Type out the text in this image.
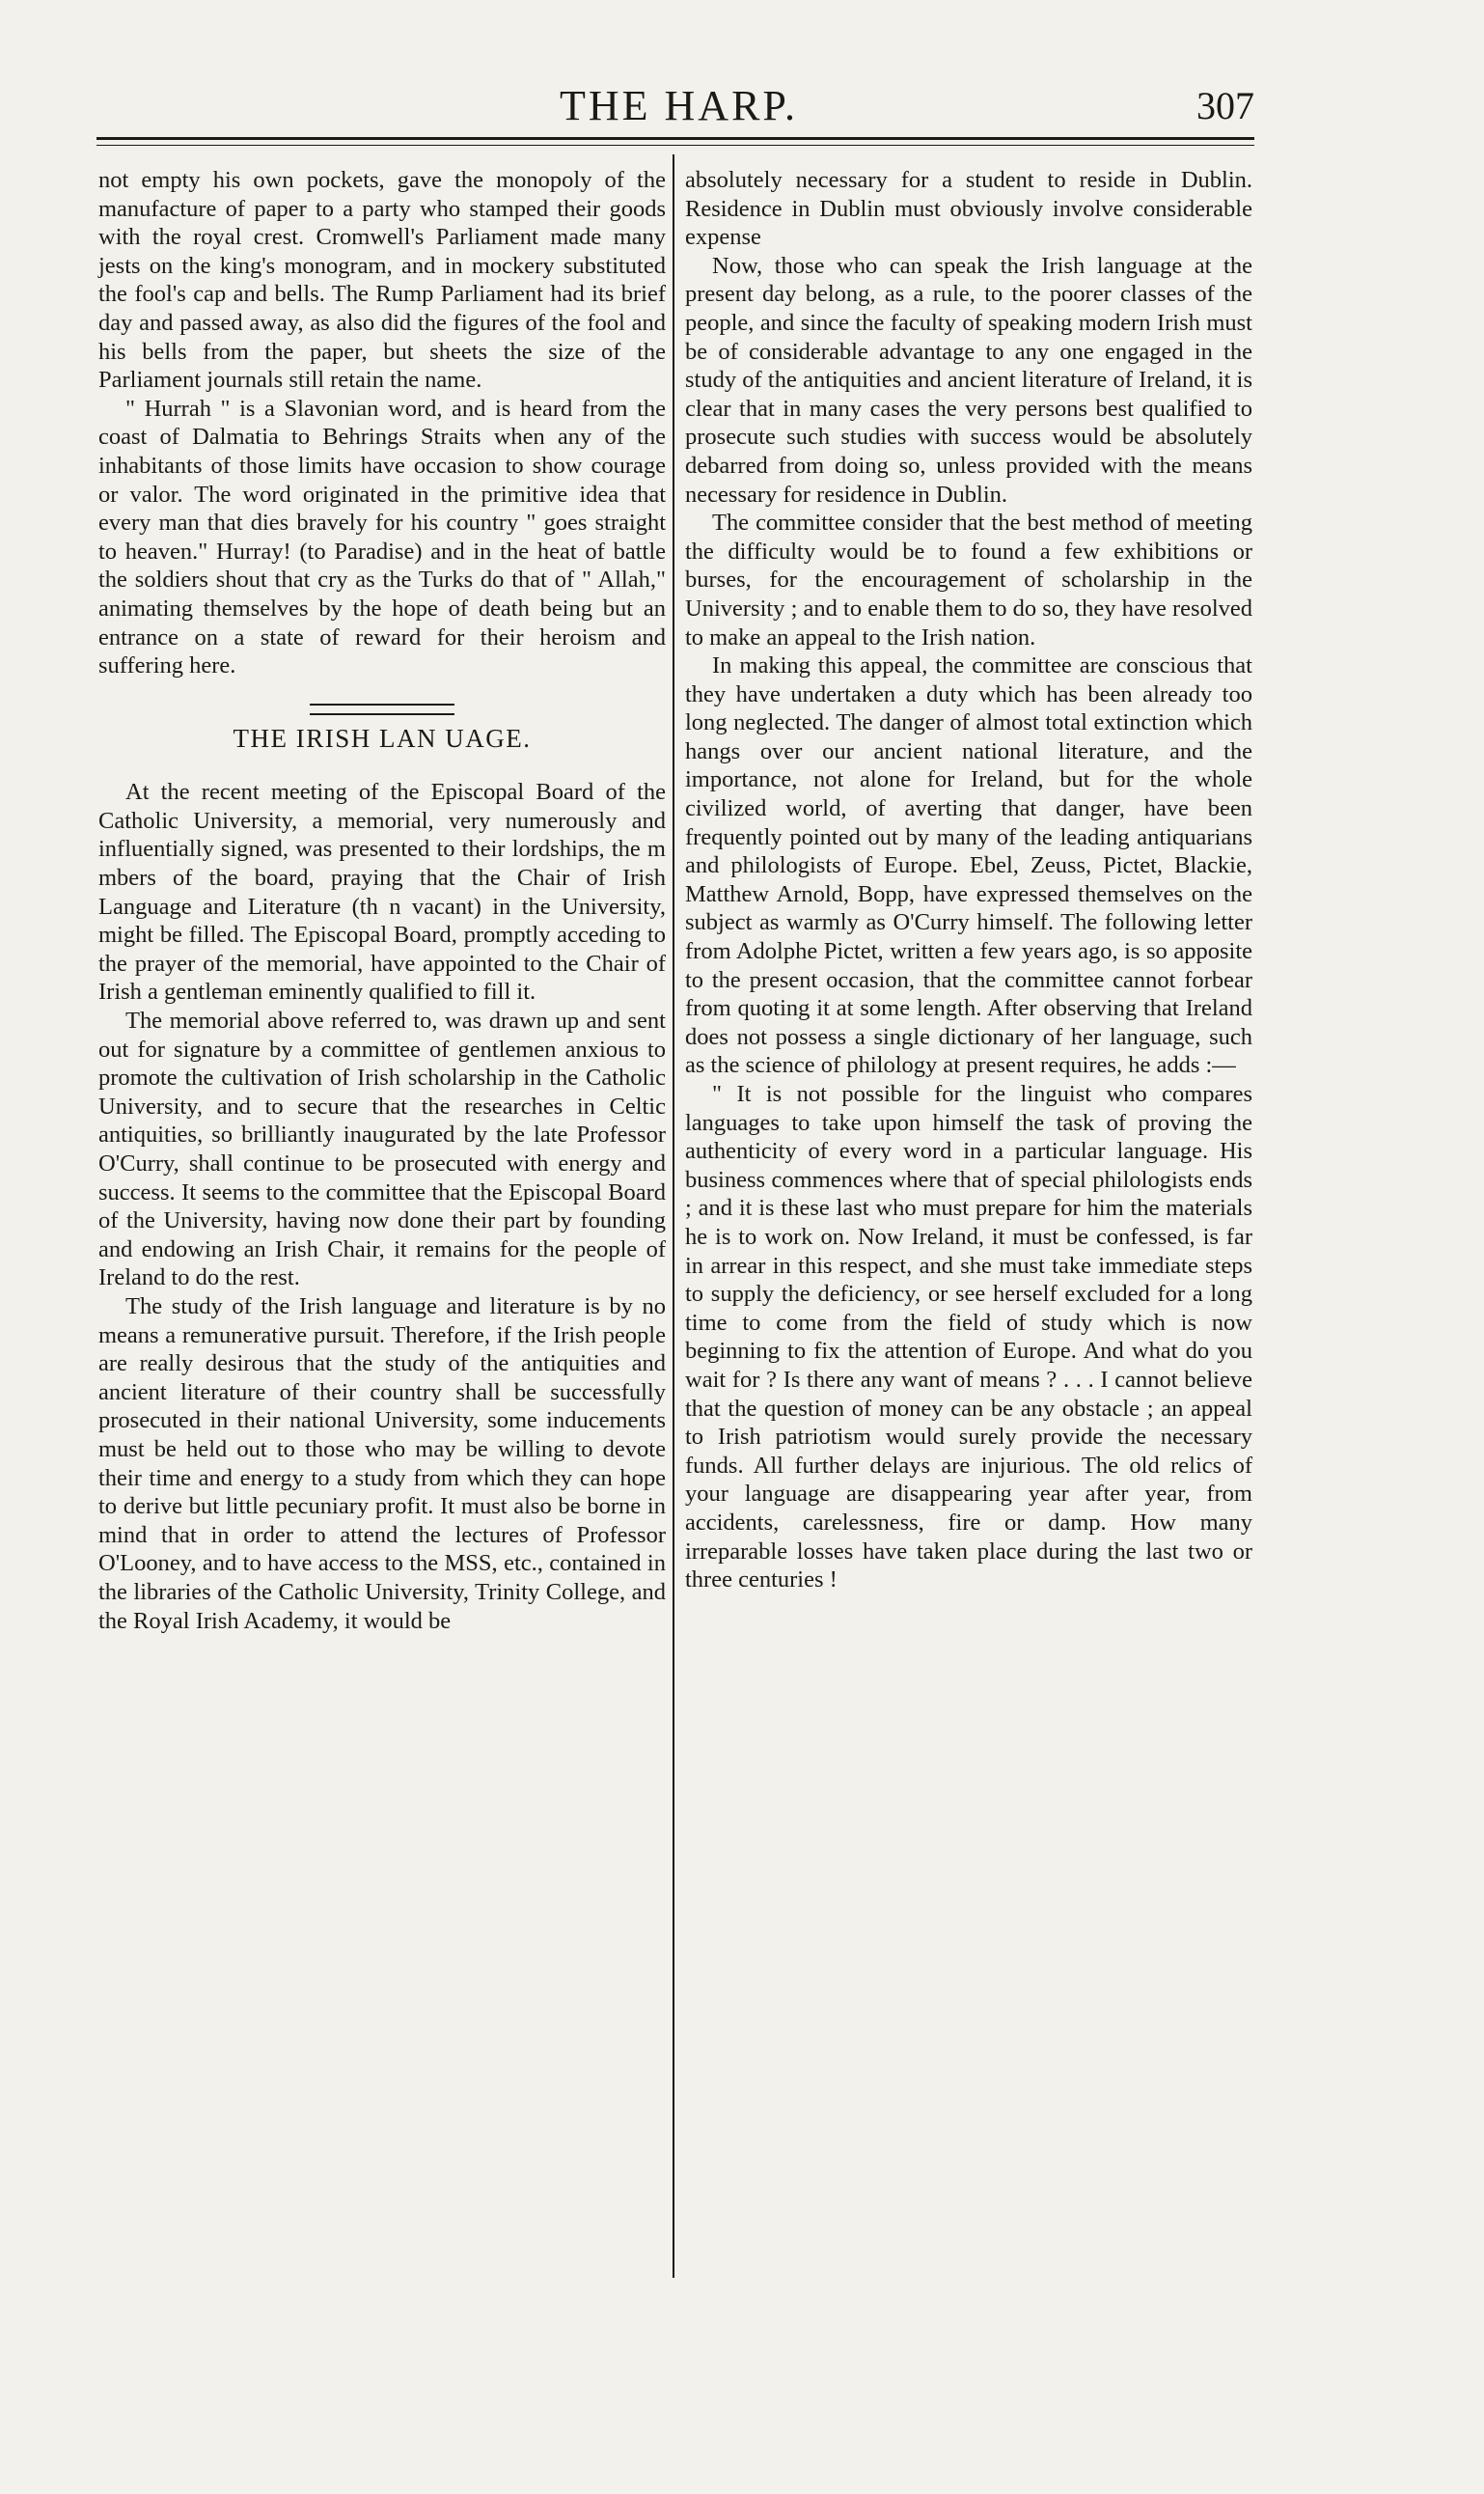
THE HARP.	307

not empty his own pockets, gave the monopoly of the manufacture of paper to a party who stamped their goods with the royal crest. Cromwell's Parliament made many jests on the king's monogram, and in mockery substituted the fool's cap and bells. The Rump Parliament had its brief day and passed away, as also did the figures of the fool and his bells from the paper, but sheets the size of the Parliament journals still retain the name.

" Hurrah " is a Slavonian word, and is heard from the coast of Dalmatia to Behrings Straits when any of the inhabitants of those limits have occasion to show courage or valor. The word originated in the primitive idea that every man that dies bravely for his country " goes straight to heaven." Hurray! (to Paradise) and in the heat of battle the soldiers shout that cry as the Turks do that of " Allah," animating themselves by the hope of death being but an entrance on a state of reward for their heroism and suffering here.

THE IRISH LAN UAGE.

At the recent meeting of the Episcopal Board of the Catholic University, a memorial, very numerously and influentially signed, was presented to their lordships, the m mbers of the board, praying that the Chair of Irish Language and Literature (th n vacant) in the University, might be filled. The Episcopal Board, promptly acceding to the prayer of the memorial, have appointed to the Chair of Irish a gentleman eminently qualified to fill it.

The memorial above referred to, was drawn up and sent out for signature by a committee of gentlemen anxious to promote the cultivation of Irish scholarship in the Catholic University, and to secure that the researches in Celtic antiquities, so brilliantly inaugurated by the late Professor O'Curry, shall continue to be prosecuted with energy and success. It seems to the committee that the Episcopal Board of the University, having now done their part by founding and endowing an Irish Chair, it remains for the people of Ireland to do the rest.

The study of the Irish language and literature is by no means a remunerative pursuit. Therefore, if the Irish people are really desirous that the study of the antiquities and ancient literature of their country shall be successfully prosecuted in their national University, some inducements must be held out to those who may be willing to devote their time and energy to a study from which they can hope to derive but little pecuniary profit. It must also be borne in mind that in order to attend the lectures of Professor O'Looney, and to have access to the MSS, etc., contained in the libraries of the Catholic University, Trinity College, and the Royal Irish Academy, it would be

absolutely necessary for a student to reside in Dublin. Residence in Dublin must obviously involve considerable expense

Now, those who can speak the Irish language at the present day belong, as a rule, to the poorer classes of the people, and since the faculty of speaking modern Irish must be of considerable advantage to any one engaged in the study of the antiquities and ancient literature of Ireland, it is clear that in many cases the very persons best qualified to prosecute such studies with success would be absolutely debarred from doing so, unless provided with the means necessary for residence in Dublin.

The committee consider that the best method of meeting the difficulty would be to found a few exhibitions or burses, for the encouragement of scholarship in the University ; and to enable them to do so, they have resolved to make an appeal to the Irish nation.

In making this appeal, the committee are conscious that they have undertaken a duty which has been already too long neglected. The danger of almost total extinction which hangs over our ancient national literature, and the importance, not alone for Ireland, but for the whole civilized world, of averting that danger, have been frequently pointed out by many of the leading antiquarians and philologists of Europe. Ebel, Zeuss, Pictet, Blackie, Matthew Arnold, Bopp, have expressed themselves on the subject as warmly as O'Curry himself. The following letter from Adolphe Pictet, written a few years ago, is so apposite to the present occasion, that the committee cannot forbear from quoting it at some length. After observing that Ireland does not possess a single dictionary of her language, such as the science of philology at present requires, he adds :—

" It is not possible for the linguist who compares languages to take upon himself the task of proving the authenticity of every word in a particular language. His business commences where that of special philologists ends ; and it is these last who must prepare for him the materials he is to work on. Now Ireland, it must be confessed, is far in arrear in this respect, and she must take immediate steps to supply the deficiency, or see herself excluded for a long time to come from the field of study which is now beginning to fix the attention of Europe. And what do you wait for ? Is there any want of means ? . . . I cannot believe that the question of money can be any obstacle ; an appeal to Irish patriotism would surely provide the necessary funds. All further delays are injurious. The old relics of your language are disappearing year after year, from accidents, carelessness, fire or damp. How many irreparable losses have taken place during the last two or three centuries !
